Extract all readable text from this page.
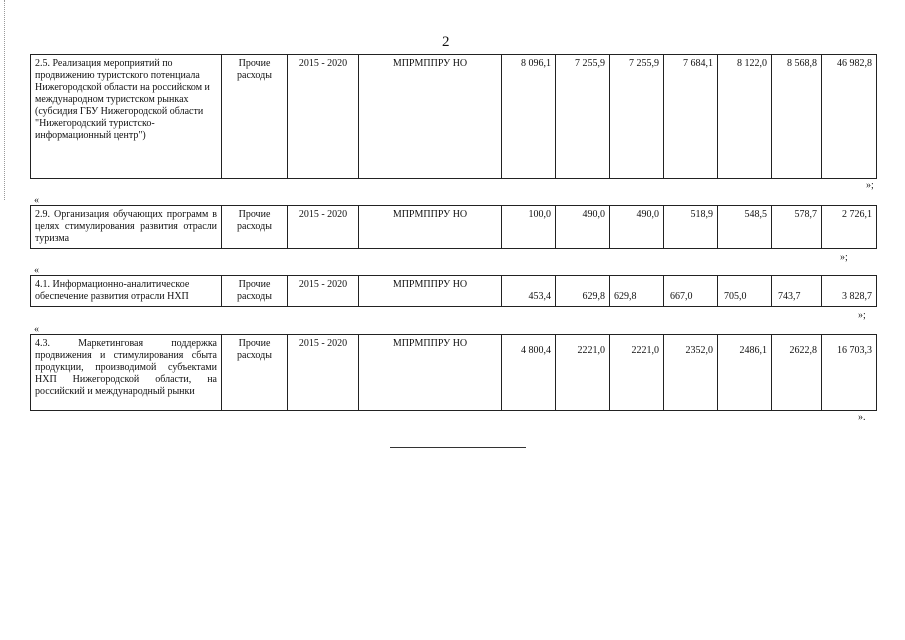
2
2.5. Реализация мероприятий по продвижению туристского потенциала Нижегородской области на российском и международном туристском рынках (субсидия ГБУ Нижегородской области "Нижегородский туристско-информационный центр")	Прочие расходы	2015 - 2020	МПРМППРУ НО	8 096,1	7 255,9	7 255,9	7 684,1	8 122,0	8 568,8	46 982,8
»;
«
2.9. Организация обучающих программ в целях стимулирования развития отрасли туризма	Прочие расходы	2015 - 2020	МПРМППРУ НО	100,0	490,0	490,0	518,9	548,5	578,7	2 726,1
»;
«
4.1. Информационно-аналитическое обеспечение развития отрасли НХП	Прочие расходы	2015 - 2020	МПРМППРУ НО	453,4	629,8	629,8	667,0	705,0	743,7	3 828,7
»;
«
4.3. Маркетинговая поддержка продвижения и стимулирования сбыта продукции, производимой субъектами НХП Нижегородской области, на российский и международный рынки	Прочие расходы	2015 - 2020	МПРМППРУ НО	4 800,4	2221,0	2221,0	2352,0	2486,1	2622,8	16 703,3
».
